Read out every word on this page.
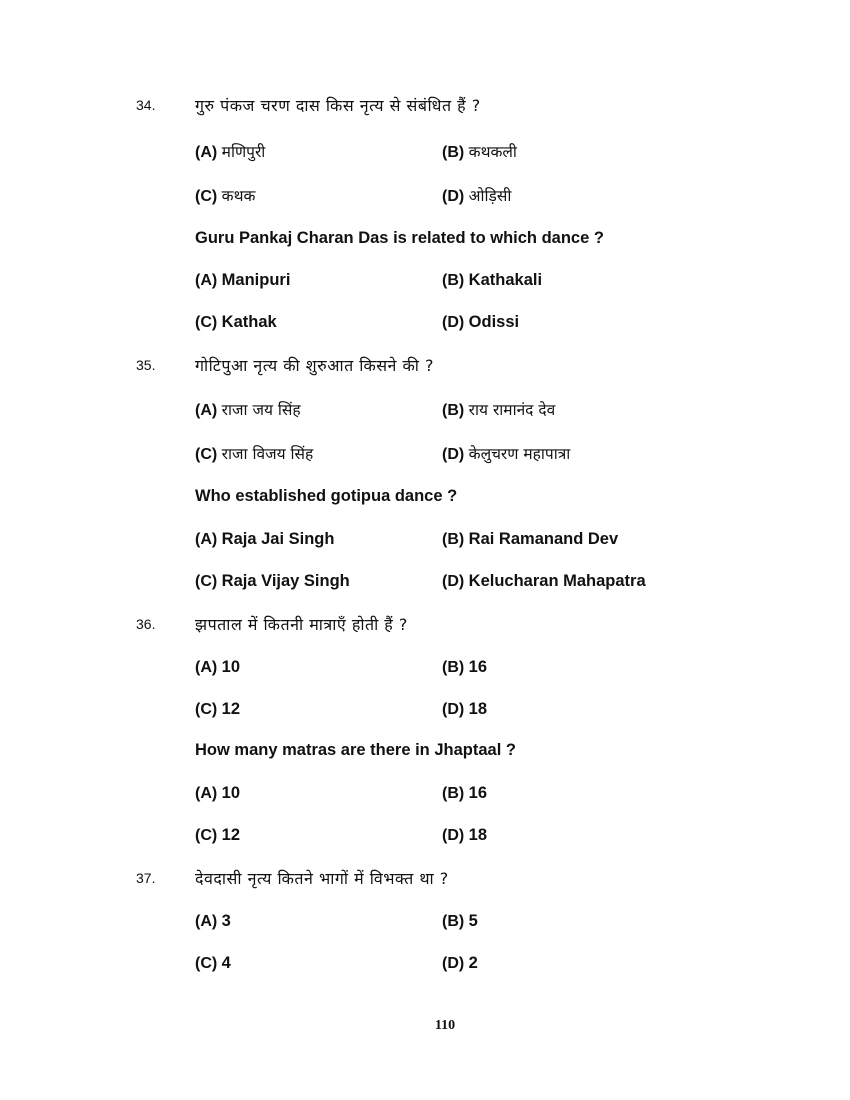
34. गुरु पंकज चरण दास किस नृत्य से संबंधित हैं ?
(A) मणिपुरी	(B) कथकली
(C) कथक	(D) ओड़िसी
Guru Pankaj Charan Das is related to which dance ?
(A) Manipuri	(B) Kathakali
(C) Kathak	(D) Odissi
35. गोटिपुआ नृत्य की शुरुआत किसने की ?
(A) राजा जय सिंह	(B) राय रामानंद देव
(C) राजा विजय सिंह	(D) केलुचरण महापात्रा
Who established gotipua dance ?
(A) Raja Jai Singh	(B) Rai Ramanand Dev
(C) Raja Vijay Singh	(D) Kelucharan Mahapatra
36. झपताल में कितनी मात्राएँ होती हैं ?
(A) 10	(B) 16
(C) 12	(D) 18
How many matras are there in Jhaptaal ?
(A) 10	(B) 16
(C) 12	(D) 18
37. देवदासी नृत्य कितने भागों में विभक्त था ?
(A) 3	(B) 5
(C) 4	(D) 2
110
